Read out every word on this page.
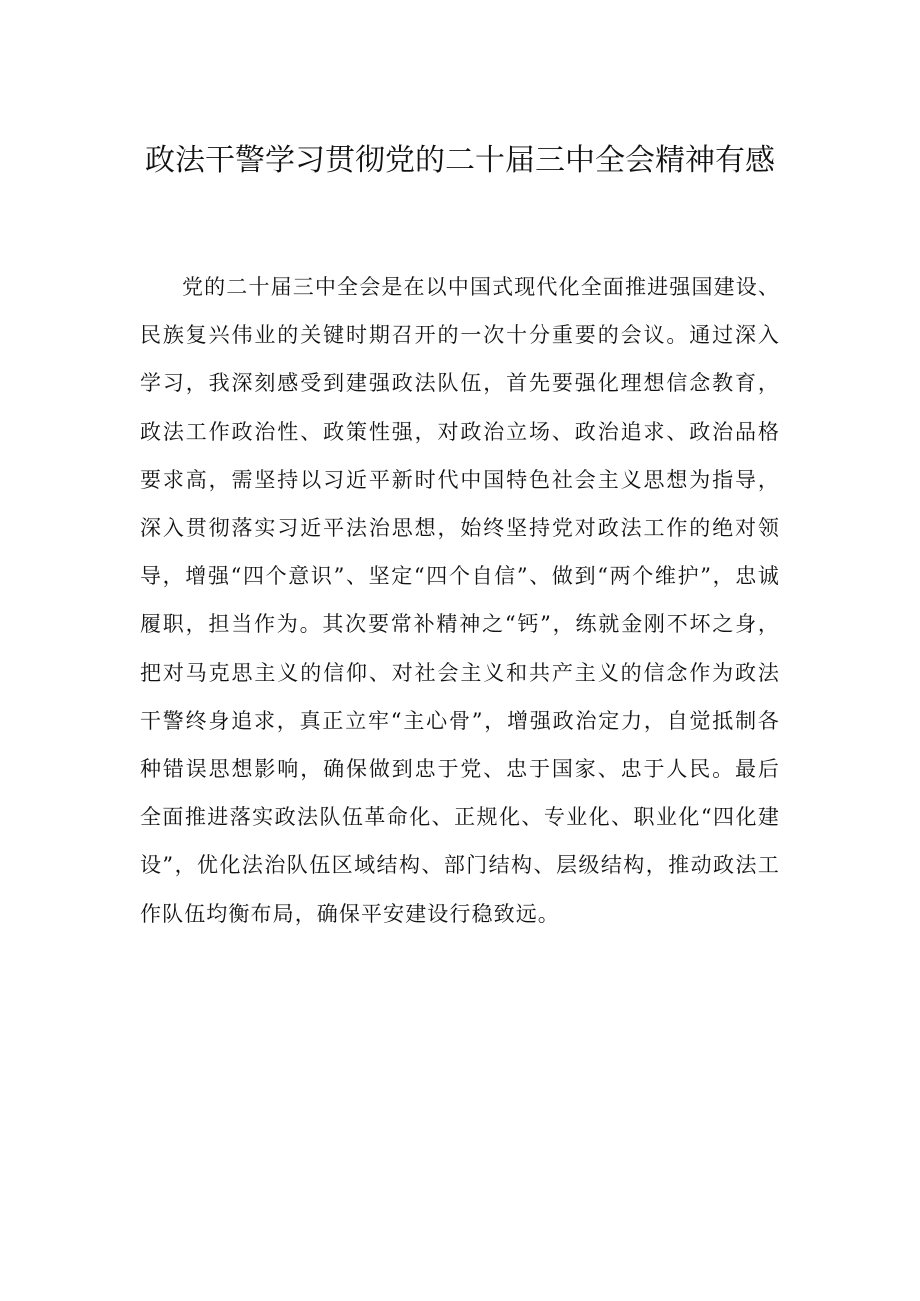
政法干警学习贯彻党的二十届三中全会精神有感

党的二十届三中全会是在以中国式现代化全面推进强国建设、民族复兴伟业的关键时期召开的一次十分重要的会议。通过深入学习，我深刻感受到建强政法队伍，首先要强化理想信念教育，政法工作政治性、政策性强，对政治立场、政治追求、政治品格要求高，需坚持以习近平新时代中国特色社会主义思想为指导，深入贯彻落实习近平法治思想，始终坚持党对政法工作的绝对领导，增强“四个意识”、坚定“四个自信”、做到“两个维护”，忠诚履职，担当作为。其次要常补精神之“钙”，练就金刚不坏之身，把对马克思主义的信仰、对社会主义和共产主义的信念作为政法干警终身追求，真正立牢“主心骨”，增强政治定力，自觉抵制各种错误思想影响，确保做到忠于党、忠于国家、忠于人民。最后全面推进落实政法队伍革命化、正规化、专业化、职业化“四化建设”，优化法治队伍区域结构、部门结构、层级结构，推动政法工作队伍均衡布局，确保平安建设行稳致远。
